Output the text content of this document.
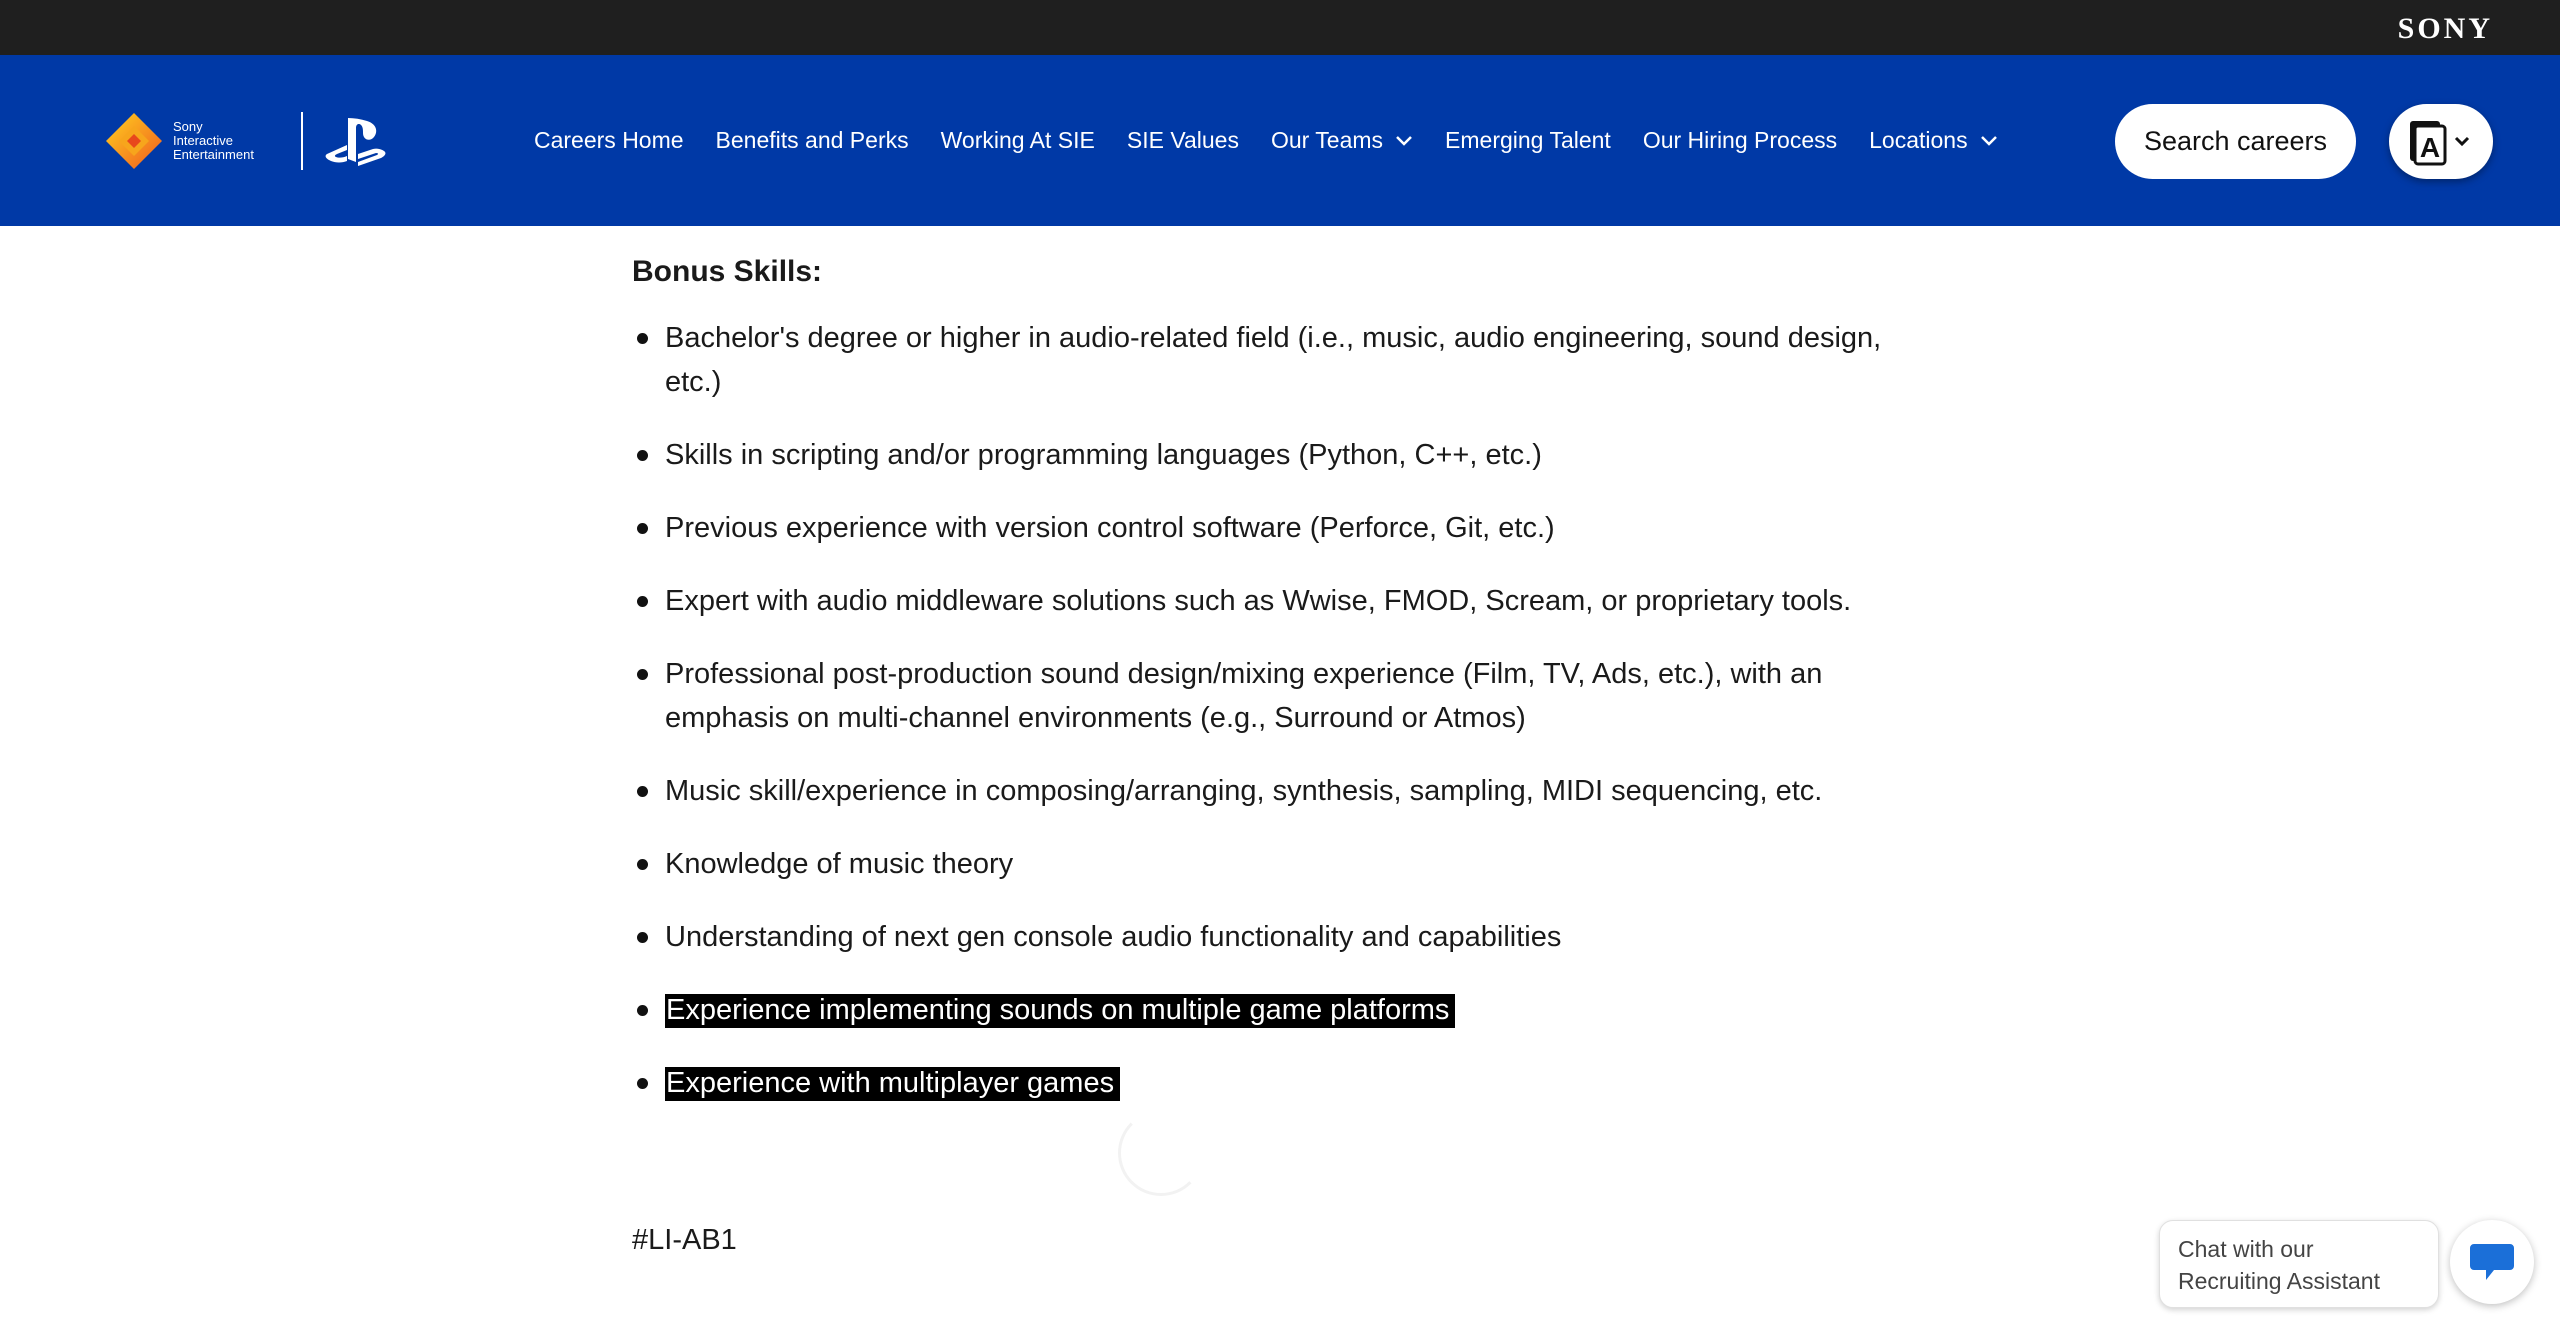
SONY
Sony
Interactive
Entertainment
Careers Home Benefits and Perks Working At SIE SIE Values Our Teams	Emerging Talent Our Hiring Process Locations	Search careers	A
Bonus Skills:
Bachelor's degree or higher in audio-related field (i.e., music, audio engineering, sound design, etc.)
Skills in scripting and/or programming languages (Python, C++, etc.)
Previous experience with version control software (Perforce, Git, etc.)
Expert with audio middleware solutions such as Wwise, FMOD, Scream, or proprietary tools.
Professional post-production sound design/mixing experience (Film, TV, Ads, etc.), with an emphasis on multi-channel environments (e.g., Surround or Atmos)
Music skill/experience in composing/arranging, synthesis, sampling, MIDI sequencing, etc.
Knowledge of music theory
Understanding of next gen console audio functionality and capabilities
Experience implementing sounds on multiple game platforms
Experience with multiplayer games
#LI-AB1	Chat with our
Recruiting Assistant
